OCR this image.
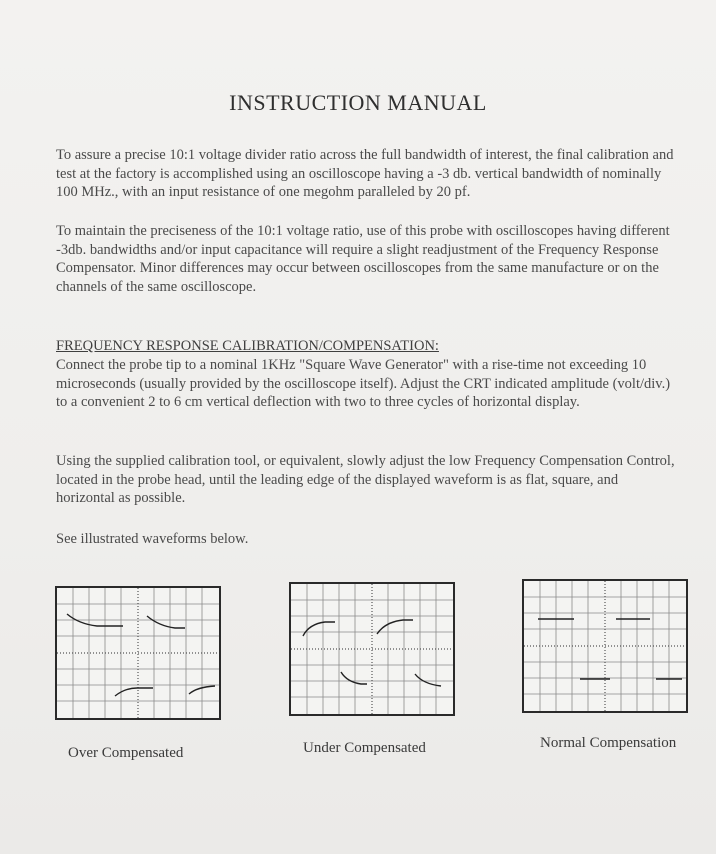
INSTRUCTION MANUAL
To assure a precise 10:1 voltage divider ratio across the full bandwidth of interest, the final calibration and test at the factory is accomplished using an oscilloscope having a -3 db. vertical bandwidth of nominally 100 MHz., with an input resistance of one megohm paralleled by 20 pf.
To maintain the preciseness of the 10:1 voltage ratio, use of this probe with oscilloscopes having different -3db. bandwidths and/or input capacitance will require a slight readjustment of the Frequency Response Compensator. Minor differences may occur between oscilloscopes from the same manufacture or on the channels of the same oscilloscope.
FREQUENCY RESPONSE CALIBRATION/COMPENSATION:
Connect the probe tip to a nominal 1KHz "Square Wave Generator" with a rise-time not exceeding 10 microseconds (usually provided by the oscilloscope itself). Adjust the CRT indicated amplitude (volt/div.) to a convenient 2 to 6 cm vertical deflection with two to three cycles of horizontal display.
Using the supplied calibration tool, or equivalent, slowly adjust the low Frequency Compensation Control, located in the probe head, until the leading edge of the displayed waveform is as flat, square, and horizontal as possible.
See illustrated waveforms below.
Over Compensated	Under Compensated	Normal Compensation
